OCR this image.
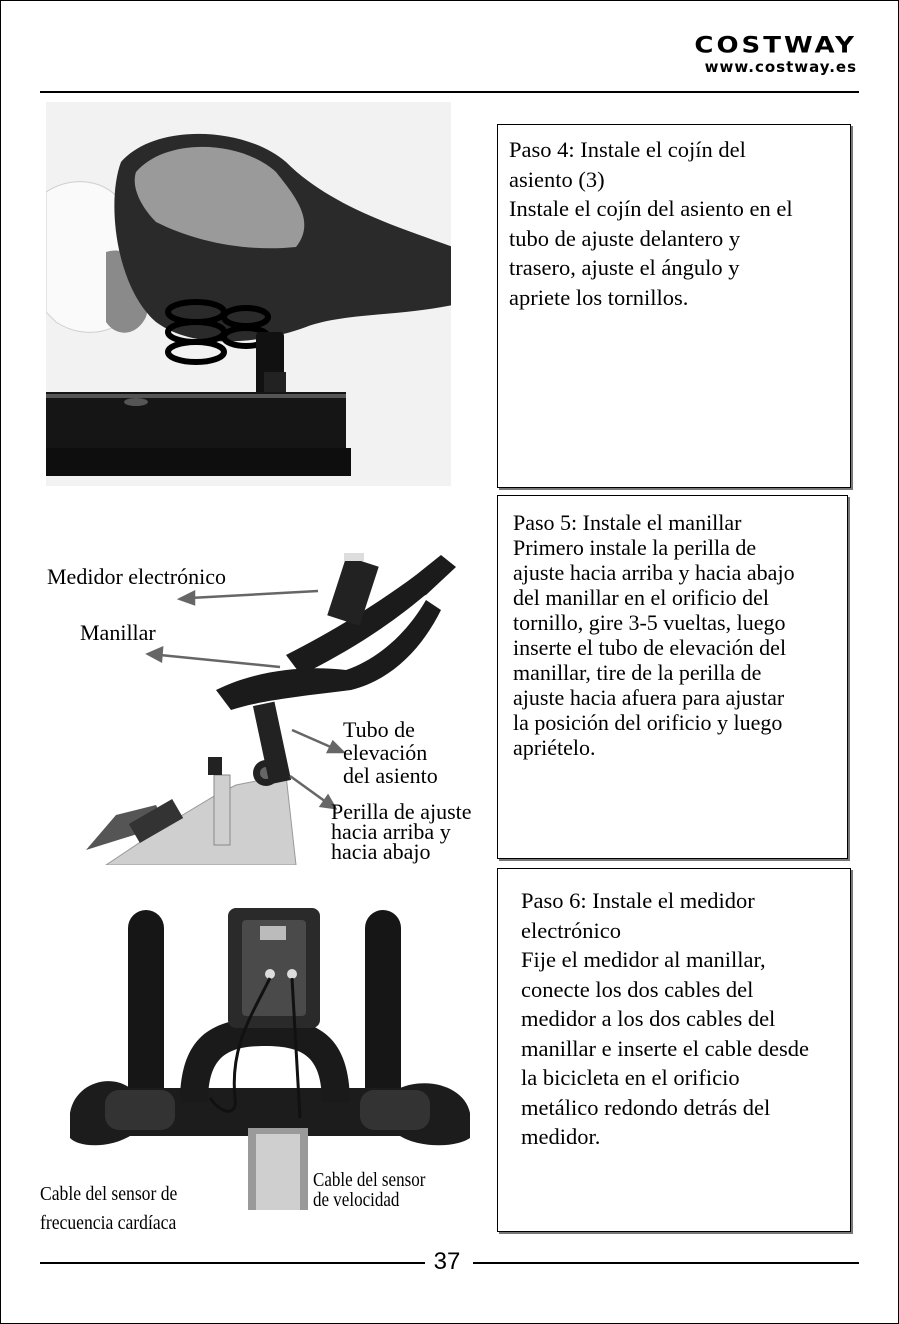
COSTWAY
www.costway.es
Paso 4: Instale el cojín del
asiento (3)
Instale el cojín del asiento en el
tubo de ajuste delantero y
trasero, ajuste el ángulo y
apriete los tornillos.
Paso 5: Instale el manillar
Primero instale la perilla de
ajuste hacia arriba y hacia abajo
del manillar en el orificio del
tornillo, gire 3-5 vueltas, luego
inserte el tubo de elevación del
manillar, tire de la perilla de
ajuste hacia afuera para ajustar
la posición del orificio y luego
apriételo.
Paso 6: Instale el medidor
electrónico
Fije el medidor al manillar,
conecte los dos cables del
medidor a los dos cables del
manillar e inserte el cable desde
la bicicleta en el orificio
metálico redondo detrás del
medidor.
Medidor electrónico
Manillar
Tubo de
elevación
del asiento
Perilla de ajuste
hacia arriba y
hacia abajo
Cable del sensor de
frecuencia cardíaca
Cable del sensor
de velocidad
37
